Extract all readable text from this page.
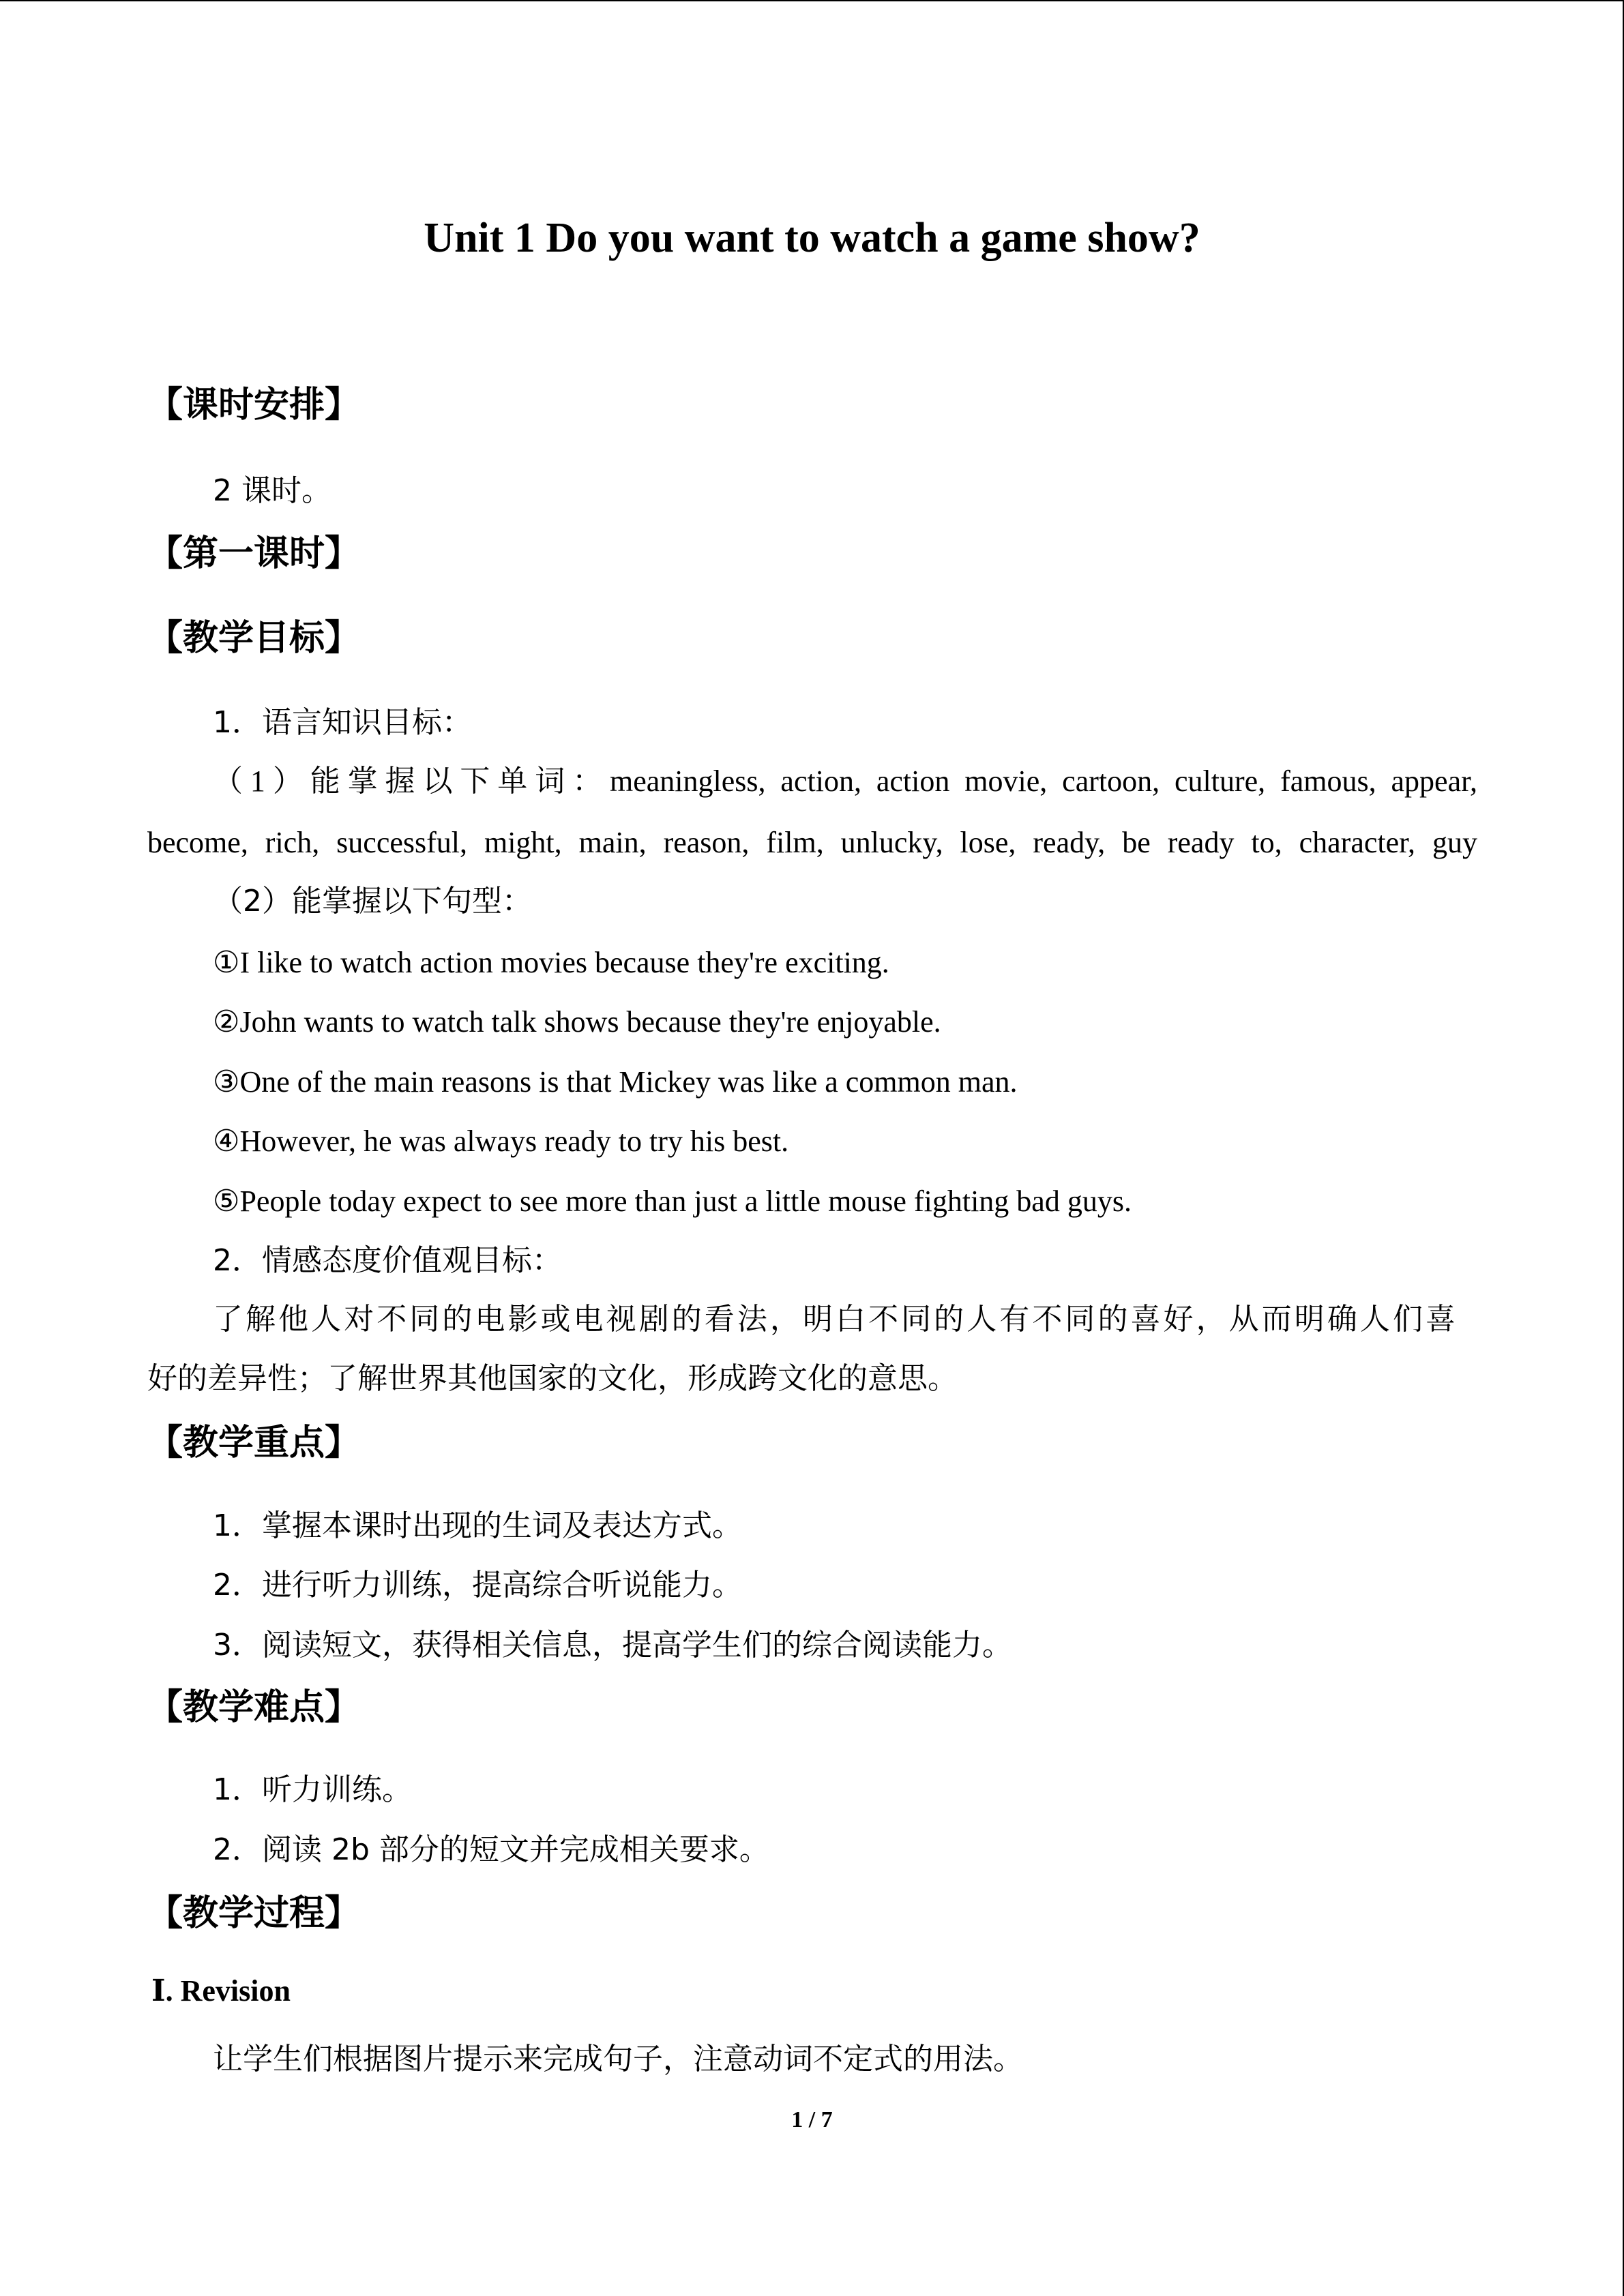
Unit 1 Do you want to watch a game show?
【课时安排】
2 课时。
【第一课时】
【教学目标】
1．语言知识目标：
（1）能掌握以下单词：meaningless, action, action movie, cartoon, culture, famous, appear,
become, rich, successful, might, main, reason, film, unlucky, lose, ready, be ready to, character, guy
（2）能掌握以下句型：
①I like to watch action movies because they're exciting.
②John wants to watch talk shows because they're enjoyable.
③One of the main reasons is that Mickey was like a common man.
④However, he was always ready to try his best.
⑤People today expect to see more than just a little mouse fighting bad guys.
2．情感态度价值观目标：
了解他人对不同的电影或电视剧的看法，明白不同的人有不同的喜好，从而明确人们喜
好的差异性；了解世界其他国家的文化，形成跨文化的意思。
【教学重点】
1．掌握本课时出现的生词及表达方式。
2．进行听力训练，提高综合听说能力。
3．阅读短文，获得相关信息，提高学生们的综合阅读能力。
【教学难点】
1．听力训练。
2．阅读 2b 部分的短文并完成相关要求。
【教学过程】
Ⅰ. Revision
让学生们根据图片提示来完成句子，注意动词不定式的用法。
1 / 7
